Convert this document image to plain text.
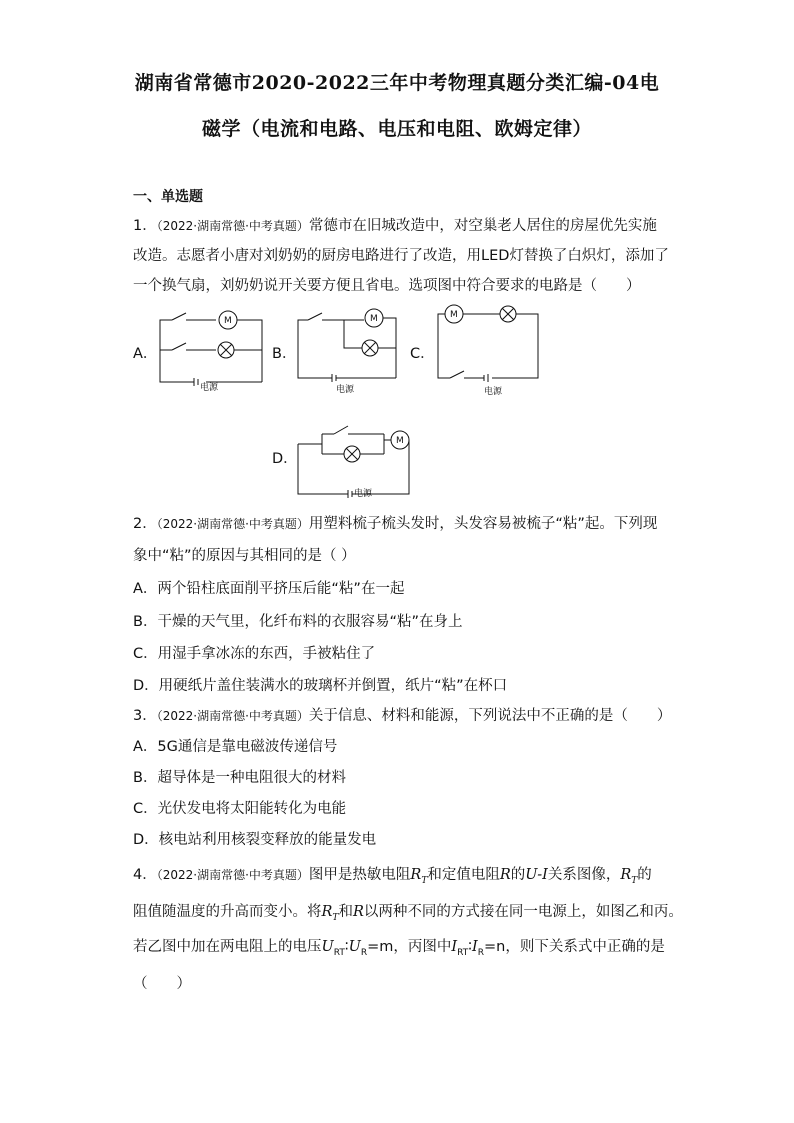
湖南省常德市2020-2022三年中考物理真题分类汇编-04电
磁学（电流和电路、电压和电阻、欧姆定律）
一、单选题
1．（2022·湖南常德·中考真题）常德市在旧城改造中，对空巢老人居住的房屋优先实施
改造。志愿者小唐对刘奶奶的厨房电路进行了改造，用LED灯替换了白炽灯，添加了
一个换气扇，刘奶奶说开关要方便且省电。选项图中符合要求的电路是（　　）
A．
电源
M
B．
电源
M
C．
M
电源
D．
M
电源
2．（2022·湖南常德·中考真题）用塑料梳子梳头发时，头发容易被梳子“粘”起。下列现
象中“粘”的原因与其相同的是（ ）
A．两个铅柱底面削平挤压后能“粘”在一起
B．干燥的天气里，化纤布料的衣服容易“粘”在身上
C．用湿手拿冰冻的东西，手被粘住了
D．用硬纸片盖住装满水的玻璃杯并倒置，纸片“粘”在杯口
3．（2022·湖南常德·中考真题）关于信息、材料和能源，下列说法中不正确的是（　　）
A．5G通信是靠电磁波传递信号
B．超导体是一种电阻很大的材料
C．光伏发电将太阳能转化为电能
D．核电站利用核裂变释放的能量发电
4．（2022·湖南常德·中考真题）图甲是热敏电阻$R_T$和定值电阻R的U-I关系图像，$R_T$的
阻值随温度的升高而变小。将$R_T$和R以两种不同的方式接在同一电源上，如图乙和丙。
若乙图中加在两电阻上的电压$U_{RT}∶U_R=m$，丙图中$I_{RT}∶I_R=n$，则下关系式中正确的是
（　　）
